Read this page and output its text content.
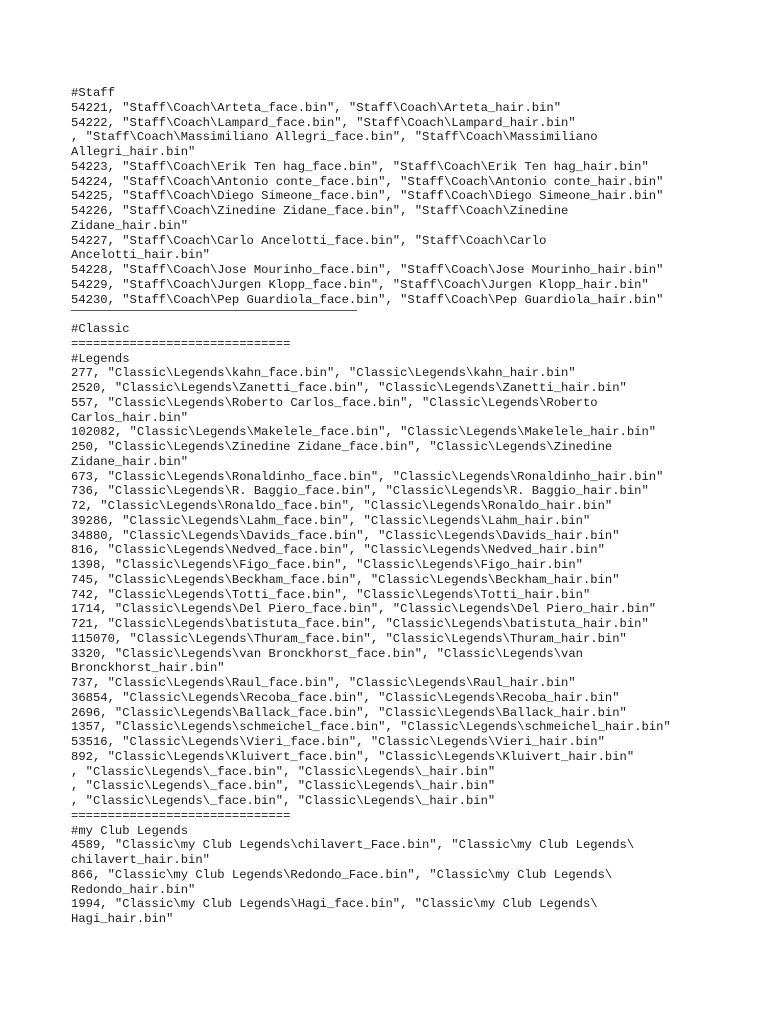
#Staff
54221, "Staff\Coach\Arteta_face.bin", "Staff\Coach\Arteta_hair.bin"
54222, "Staff\Coach\Lampard_face.bin", "Staff\Coach\Lampard_hair.bin"
, "Staff\Coach\Massimiliano Allegri_face.bin", "Staff\Coach\Massimiliano
Allegri_hair.bin"
54223, "Staff\Coach\Erik Ten hag_face.bin", "Staff\Coach\Erik Ten hag_hair.bin"
54224, "Staff\Coach\Antonio conte_face.bin", "Staff\Coach\Antonio conte_hair.bin"
54225, "Staff\Coach\Diego Simeone_face.bin", "Staff\Coach\Diego Simeone_hair.bin"
54226, "Staff\Coach\Zinedine Zidane_face.bin", "Staff\Coach\Zinedine
Zidane_hair.bin"
54227, "Staff\Coach\Carlo Ancelotti_face.bin", "Staff\Coach\Carlo
Ancelotti_hair.bin"
54228, "Staff\Coach\Jose Mourinho_face.bin", "Staff\Coach\Jose Mourinho_hair.bin"
54229, "Staff\Coach\Jurgen Klopp_face.bin", "Staff\Coach\Jurgen Klopp_hair.bin"
54230, "Staff\Coach\Pep Guardiola_face.bin", "Staff\Coach\Pep Guardiola_hair.bin"
#Classic
==============================
#Legends
277, "Classic\Legends\kahn_face.bin", "Classic\Legends\kahn_hair.bin"
2520, "Classic\Legends\Zanetti_face.bin", "Classic\Legends\Zanetti_hair.bin"
557, "Classic\Legends\Roberto Carlos_face.bin", "Classic\Legends\Roberto
Carlos_hair.bin"
102082, "Classic\Legends\Makelele_face.bin", "Classic\Legends\Makelele_hair.bin"
250, "Classic\Legends\Zinedine Zidane_face.bin", "Classic\Legends\Zinedine
Zidane_hair.bin"
673, "Classic\Legends\Ronaldinho_face.bin", "Classic\Legends\Ronaldinho_hair.bin"
736, "Classic\Legends\R. Baggio_face.bin", "Classic\Legends\R. Baggio_hair.bin"
72, "Classic\Legends\Ronaldo_face.bin", "Classic\Legends\Ronaldo_hair.bin"
39286, "Classic\Legends\Lahm_face.bin", "Classic\Legends\Lahm_hair.bin"
34880, "Classic\Legends\Davids_face.bin", "Classic\Legends\Davids_hair.bin"
816, "Classic\Legends\Nedved_face.bin", "Classic\Legends\Nedved_hair.bin"
1398, "Classic\Legends\Figo_face.bin", "Classic\Legends\Figo_hair.bin"
745, "Classic\Legends\Beckham_face.bin", "Classic\Legends\Beckham_hair.bin"
742, "Classic\Legends\Totti_face.bin", "Classic\Legends\Totti_hair.bin"
1714, "Classic\Legends\Del Piero_face.bin", "Classic\Legends\Del Piero_hair.bin"
721, "Classic\Legends\batistuta_face.bin", "Classic\Legends\batistuta_hair.bin"
115070, "Classic\Legends\Thuram_face.bin", "Classic\Legends\Thuram_hair.bin"
3320, "Classic\Legends\van Bronckhorst_face.bin", "Classic\Legends\van
Bronckhorst_hair.bin"
737, "Classic\Legends\Raul_face.bin", "Classic\Legends\Raul_hair.bin"
36854, "Classic\Legends\Recoba_face.bin", "Classic\Legends\Recoba_hair.bin"
2696, "Classic\Legends\Ballack_face.bin", "Classic\Legends\Ballack_hair.bin"
1357, "Classic\Legends\schmeichel_face.bin", "Classic\Legends\schmeichel_hair.bin"
53516, "Classic\Legends\Vieri_face.bin", "Classic\Legends\Vieri_hair.bin"
892, "Classic\Legends\Kluivert_face.bin", "Classic\Legends\Kluivert_hair.bin"
, "Classic\Legends\_face.bin", "Classic\Legends\_hair.bin"
, "Classic\Legends\_face.bin", "Classic\Legends\_hair.bin"
, "Classic\Legends\_face.bin", "Classic\Legends\_hair.bin"
==============================
#my Club Legends
4589, "Classic\my Club Legends\chilavert_Face.bin", "Classic\my Club Legends\
chilavert_hair.bin"
866, "Classic\my Club Legends\Redondo_Face.bin", "Classic\my Club Legends\
Redondo_hair.bin"
1994, "Classic\my Club Legends\Hagi_face.bin", "Classic\my Club Legends\
Hagi_hair.bin"
